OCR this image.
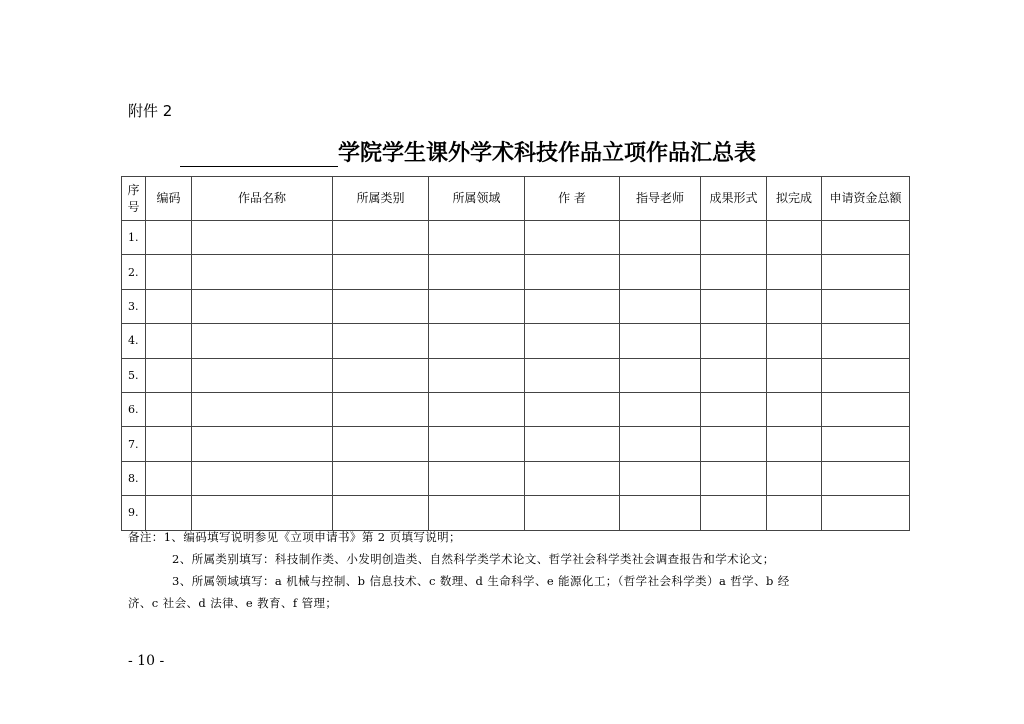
附件 2
学院学生课外学术科技作品立项作品汇总表
序号	编码	作品名称	所属类别	所属领域	作 者	指导老师	成果形式	拟完成	申请资金总额
1.									
2.									
3.									
4.									
5.									
6.									
7.									
8.									
9.									

备注：1、编码填写说明参见《立项申请书》第 2 页填写说明；

2、所属类别填写：科技制作类、小发明创造类、自然科学类学术论文、哲学社会科学类社会调查报告和学术论文；

3、所属领域填写：a 机械与控制、b 信息技术、c 数理、d 生命科学、e 能源化工；（哲学社会科学类）a 哲学、b 经

济、c 社会、d 法律、e 教育、f 管理；

- 10 -
